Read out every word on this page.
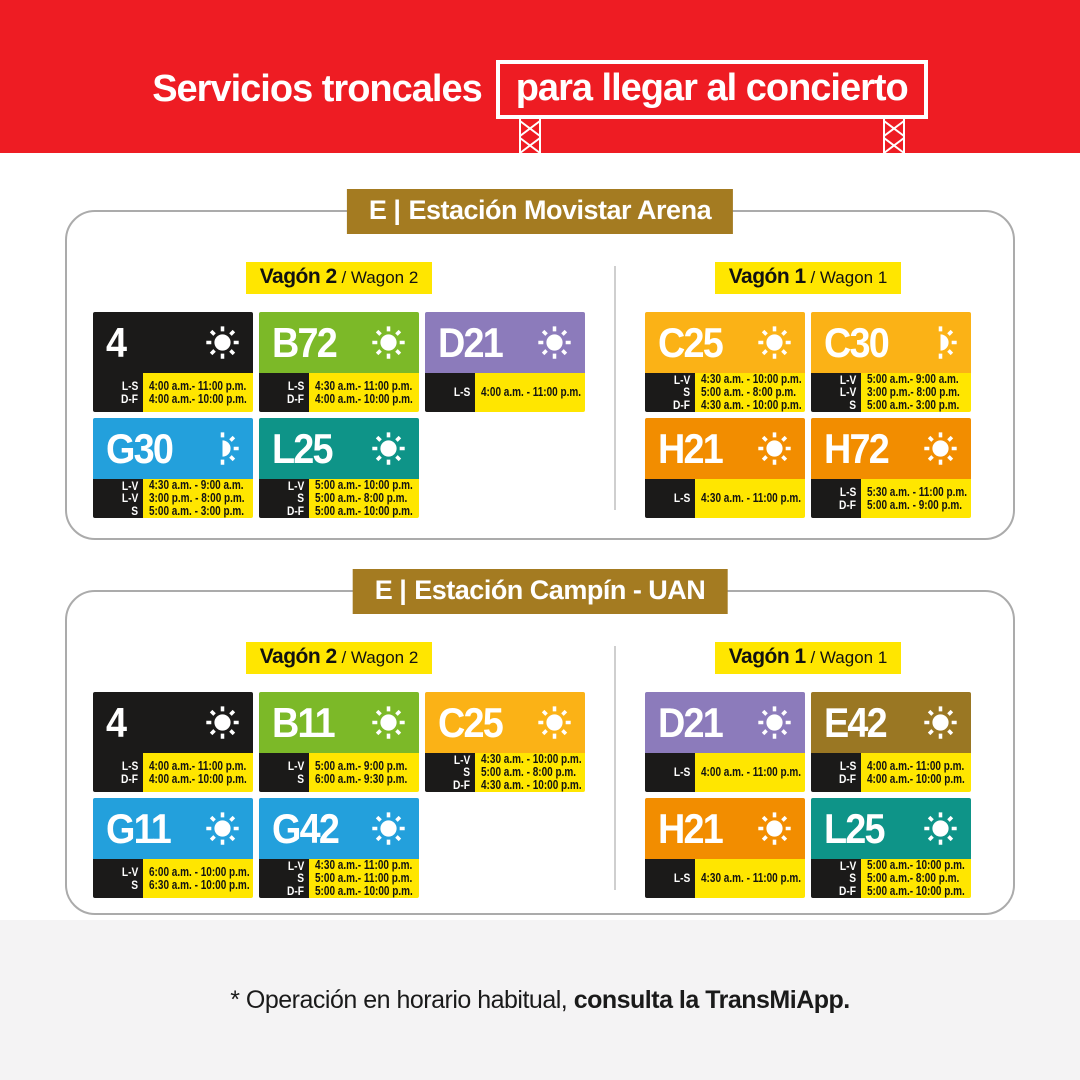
Servicios troncales para llegar al concierto
E | Estación Movistar Arena
Vagón 2 / Wagon 2
4
L-S
D-F
4:00 a.m.- 11:00 p.m.
4:00 a.m.- 10:00 p.m.
B72
L-S
D-F
4:30 a.m.- 11:00 p.m.
4:00 a.m.- 10:00 p.m.
D21
L-S 4:00 a.m. - 11:00 p.m.
G30
L-V
L-V
S
4:30 a.m. - 9:00 a.m.
3:00 p.m. - 8:00 p.m.
5:00 a.m. - 3:00 p.m.
L25
L-V
S
D-F
5:00 a.m.- 10:00 p.m.
5:00 a.m.- 8:00 p.m.
5:00 a.m.- 10:00 p.m.
Vagón 1 / Wagon 1
C25
L-V
S
D-F
4:30 a.m. - 10:00 p.m.
5:00 a.m. - 8:00 p.m.
4:30 a.m. - 10:00 p.m.
C30
L-V
L-V
S
5:00 a.m.- 9:00 a.m.
3:00 p.m.- 8:00 p.m.
5:00 a.m.- 3:00 p.m.
H21
L-S 4:30 a.m. - 11:00 p.m.
H72
L-S
D-F
5:30 a.m. - 11:00 p.m.
5:00 a.m. - 9:00 p.m.
E | Estación Campín - UAN
Vagón 2 / Wagon 2
4
L-S
D-F
4:00 a.m.- 11:00 p.m.
4:00 a.m.- 10:00 p.m.
B11
L-V
S
5:00 a.m.- 9:00 p.m.
6:00 a.m.- 9:30 p.m.
C25
L-V
S
D-F
4:30 a.m. - 10:00 p.m.
5:00 a.m. - 8:00 p.m.
4:30 a.m. - 10:00 p.m.
G11
L-V
S
6:00 a.m. - 10:00 p.m.
6:30 a.m. - 10:00 p.m.
G42
L-V
S
D-F
4:30 a.m.- 11:00 p.m.
5:00 a.m.- 11:00 p.m.
5:00 a.m.- 10:00 p.m.
Vagón 1 / Wagon 1
D21
L-S 4:00 a.m. - 11:00 p.m.
E42
L-S
D-F
4:00 a.m.- 11:00 p.m.
4:00 a.m.- 10:00 p.m.
H21
L-S 4:30 a.m. - 11:00 p.m.
L25
L-V
S
D-F
5:00 a.m.- 10:00 p.m.
5:00 a.m.- 8:00 p.m.
5:00 a.m.- 10:00 p.m.

* Operación en horario habitual, consulta la TransMiApp.
